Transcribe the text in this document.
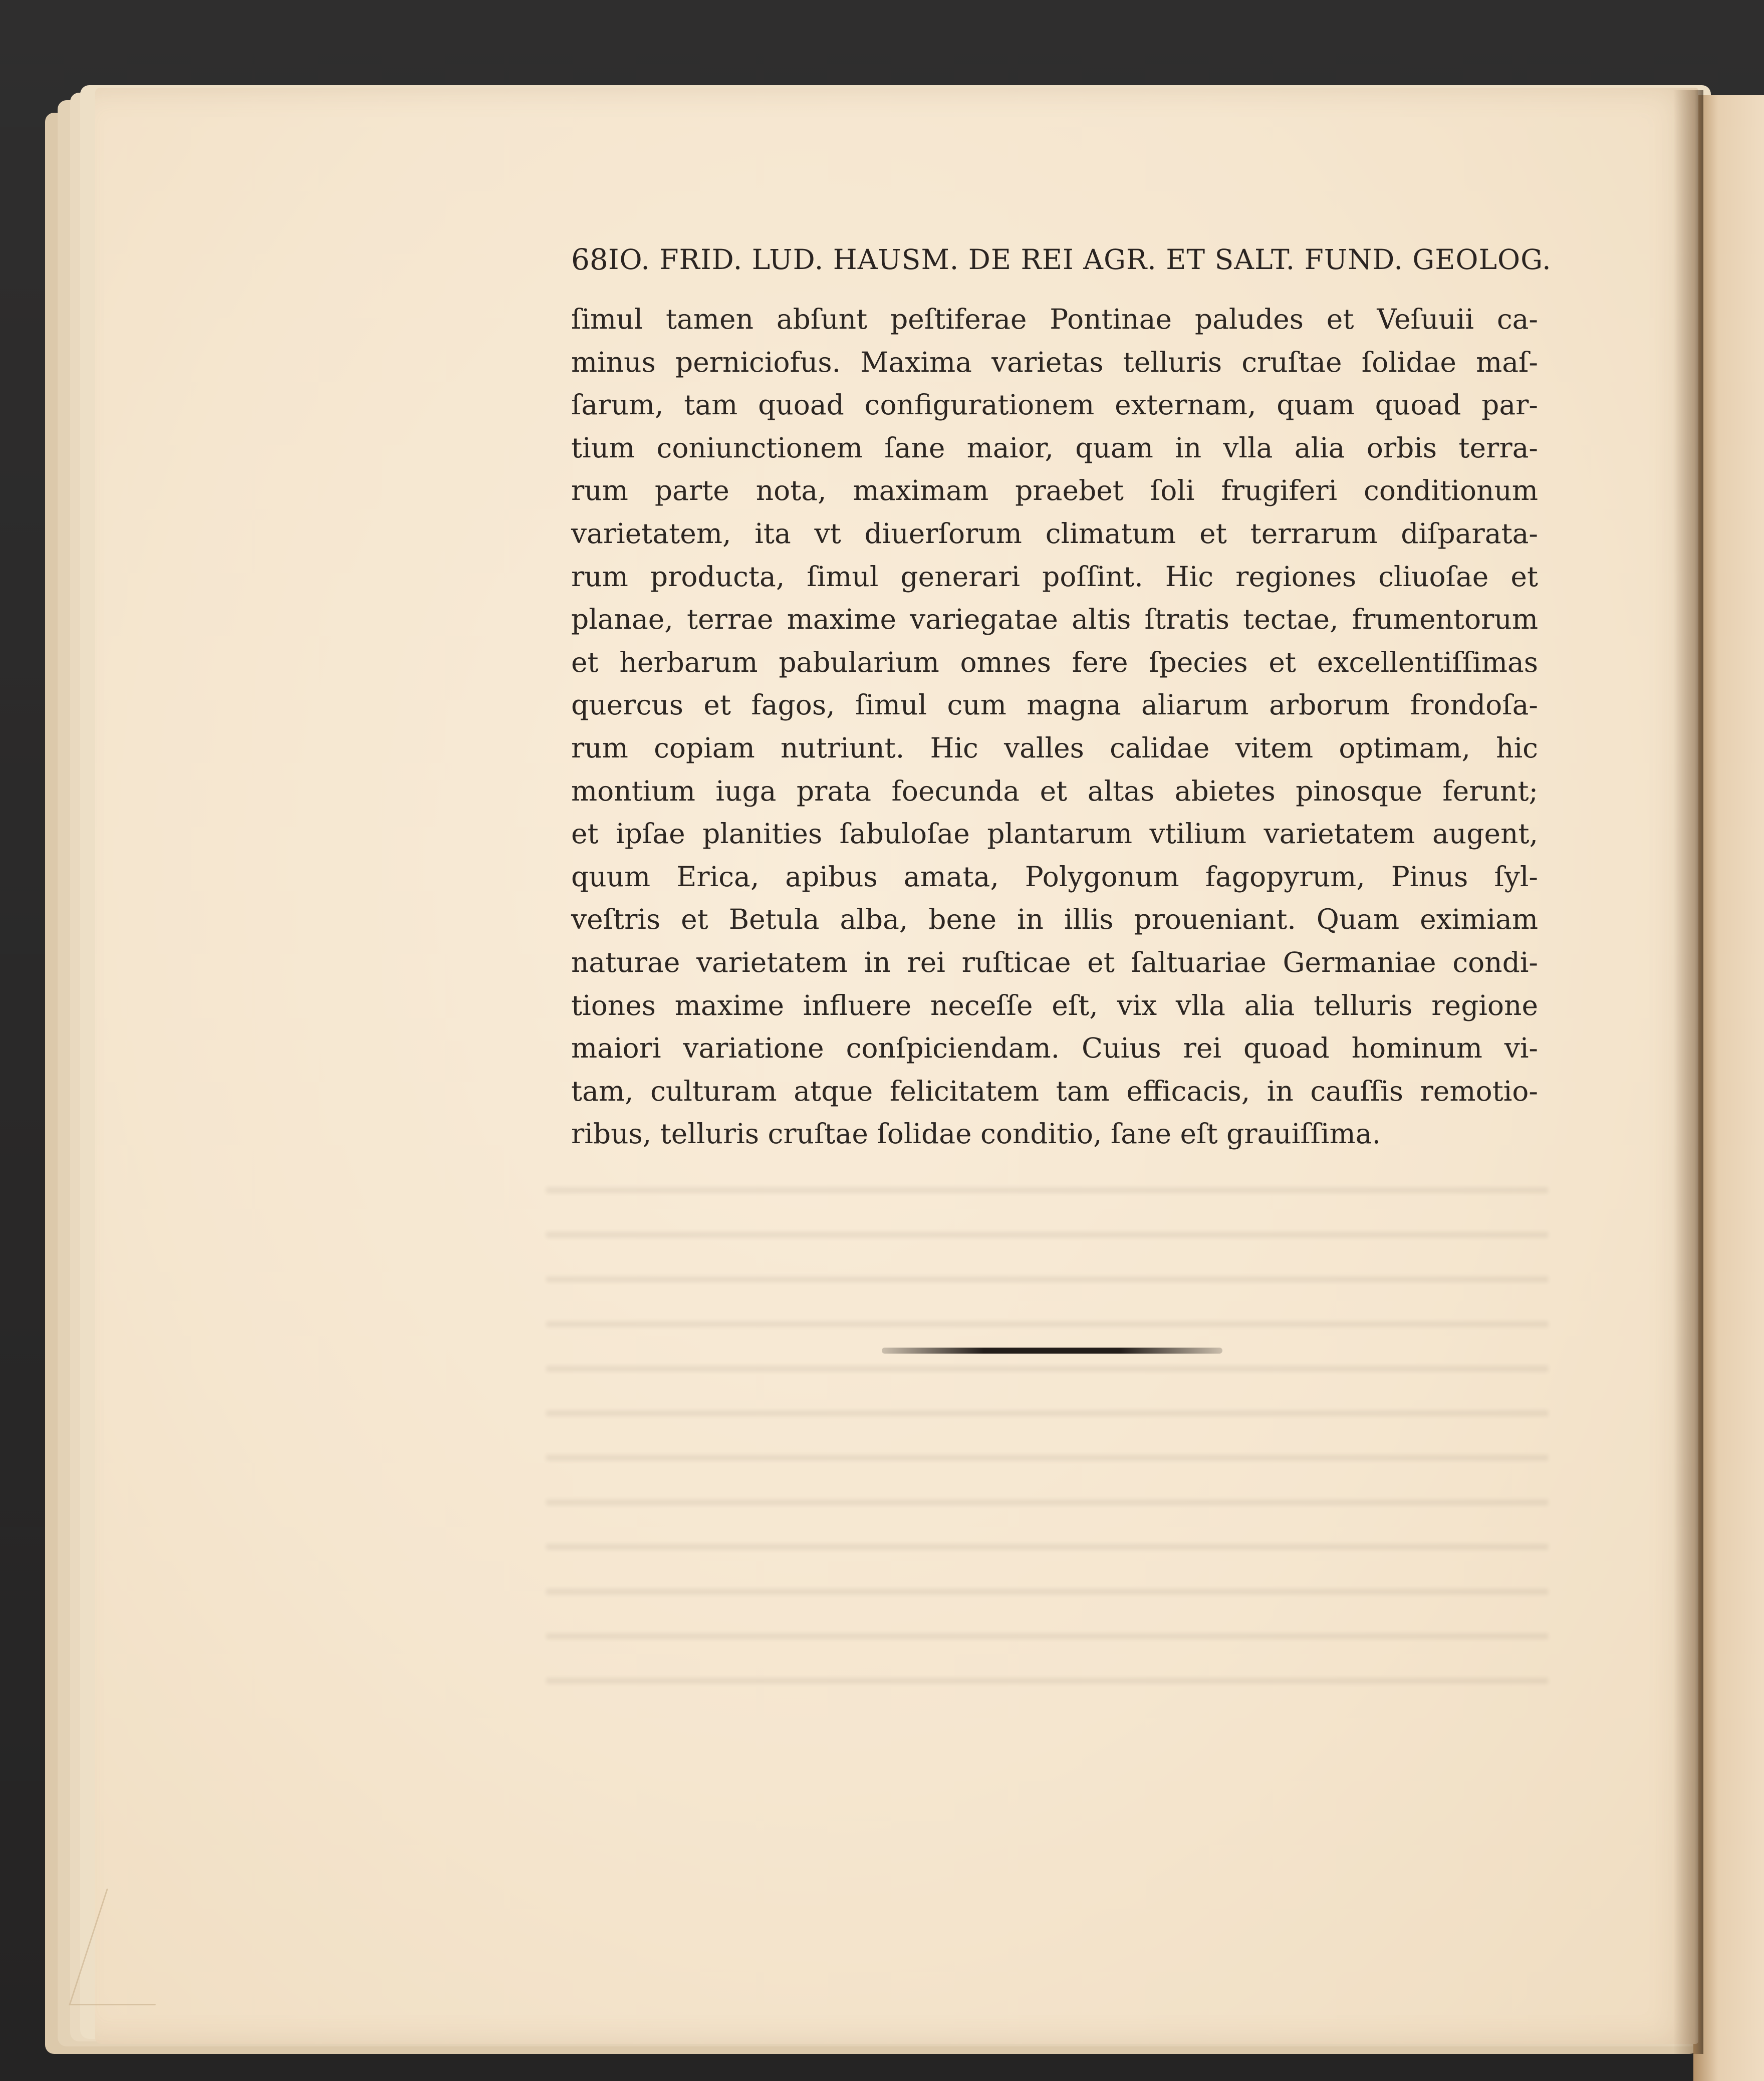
68 IO. FRID. LUD. HAUSM. DE REI AGR. ET SALT. FUND. GEOLOG.
ſimul tamen abſunt peſtiferae Pontinae paludes et Veſuuii ca-
minus perniciofus. Maxima varietas telluris cruſtae ſolidae maſ-
ſarum, tam quoad configurationem externam, quam quoad par-
tium coniunctionem ſane maior, quam in vlla alia orbis terra-
rum parte nota, maximam praebet ſoli frugiferi conditionum
varietatem, ita vt diuerſorum climatum et terrarum diſparata-
rum producta, ſimul generari poſſint. Hic regiones cliuoſae et
planae, terrae maxime variegatae altis ſtratis tectae, frumentorum
et herbarum pabularium omnes fere ſpecies et excellentiſſimas
quercus et fagos, ſimul cum magna aliarum arborum frondoſa-
rum copiam nutriunt. Hic valles calidae vitem optimam, hic
montium iuga prata foecunda et altas abietes pinosque ferunt;
et ipſae planities ſabuloſae plantarum vtilium varietatem augent,
quum Erica, apibus amata, Polygonum fagopyrum, Pinus ſyl-
veſtris et Betula alba, bene in illis proueniant. Quam eximiam
naturae varietatem in rei ruſticae et ſaltuariae Germaniae condi-
tiones maxime influere neceſſe eſt, vix vlla alia telluris regione
maiori variatione conſpiciendam. Cuius rei quoad hominum vi-
tam, culturam atque felicitatem tam efficacis, in cauſſis remotio-
ribus, telluris cruſtae ſolidae conditio, ſane eſt grauiſſima.
